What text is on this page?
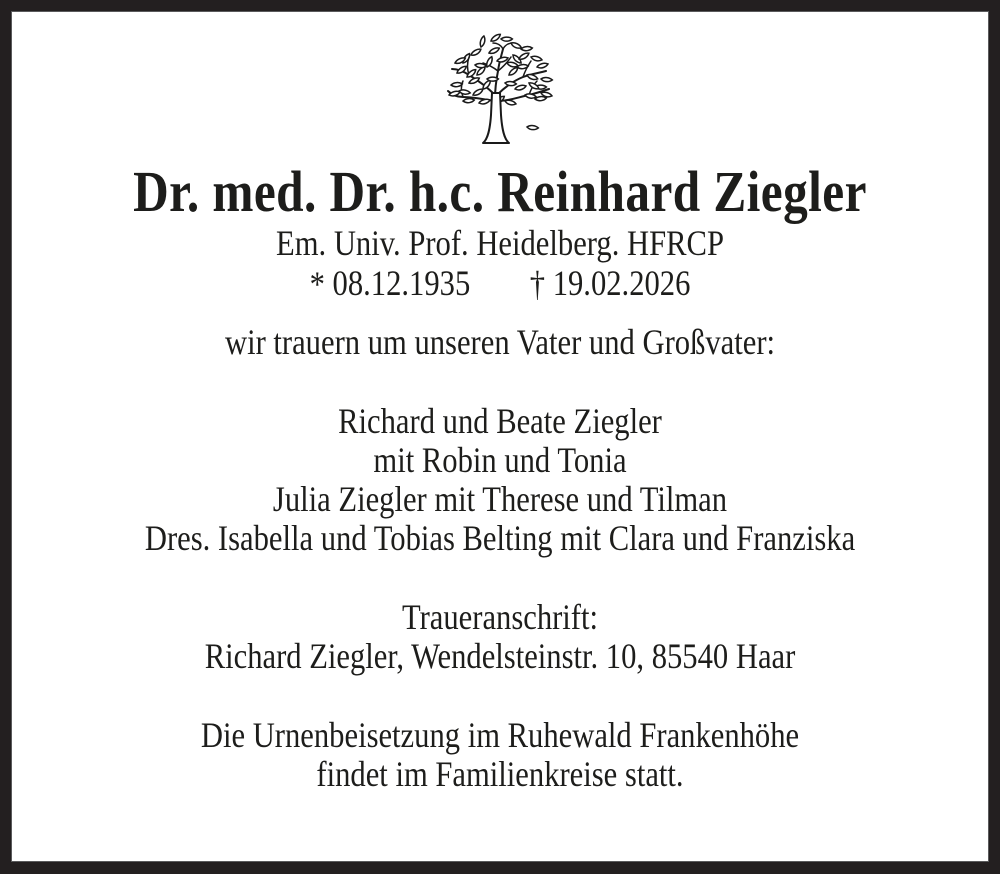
Dr. med. Dr. h.c. Reinhard Ziegler

Em. Univ. Prof. Heidelberg. HFRCP

* 08.12.1935 † 19.02.2026

wir trauern um unseren Vater und Großvater:

Richard und Beate Ziegler

mit Robin und Tonia

Julia Ziegler mit Therese und Tilman

Dres. Isabella und Tobias Belting mit Clara und Franziska

Traueranschrift:

Richard Ziegler, Wendelsteinstr. 10, 85540 Haar

Die Urnenbeisetzung im Ruhewald Frankenhöhe

findet im Familienkreise statt.
